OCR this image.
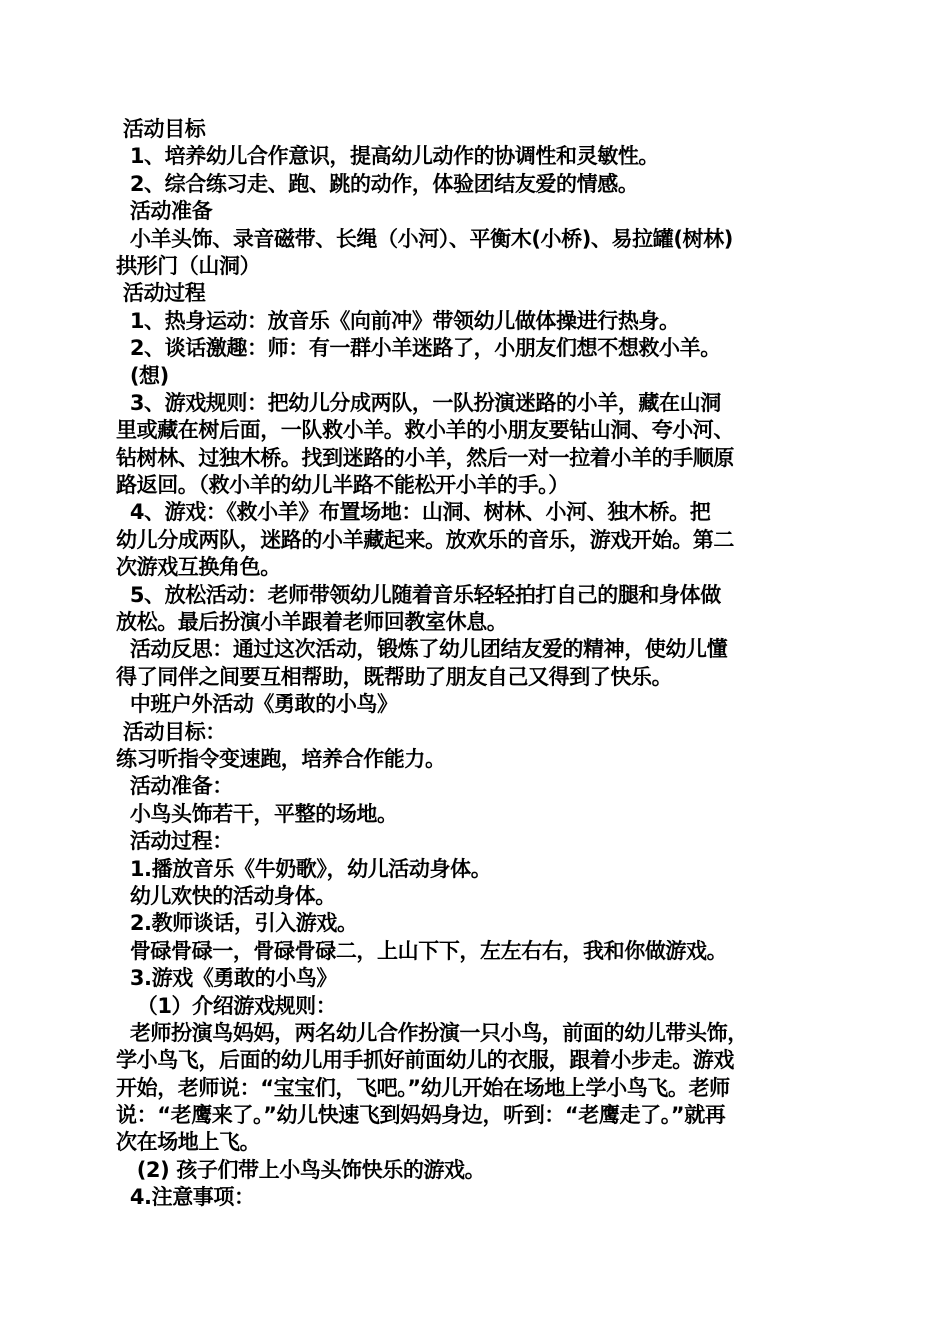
活动目标
1、培养幼儿合作意识，提高幼儿动作的协调性和灵敏性。
2、综合练习走、跑、跳的动作，体验团结友爱的情感。
活动准备
小羊头饰、录音磁带、长绳（小河）、平衡木(小桥)、易拉罐(树林)
拱形门（山洞）
活动过程
1、热身运动：放音乐《向前冲》带领幼儿做体操进行热身。
2、谈话激趣：师：有一群小羊迷路了，小朋友们想不想救小羊。
(想)
3、游戏规则：把幼儿分成两队，一队扮演迷路的小羊，藏在山洞
里或藏在树后面，一队救小羊。救小羊的小朋友要钻山洞、夸小河、
钻树林、过独木桥。找到迷路的小羊，然后一对一拉着小羊的手顺原
路返回。（救小羊的幼儿半路不能松开小羊的手。）
4、游戏：《救小羊》布置场地：山洞、树林、小河、独木桥。把
幼儿分成两队，迷路的小羊藏起来。放欢乐的音乐，游戏开始。第二
次游戏互换角色。
5、放松活动：老师带领幼儿随着音乐轻轻拍打自己的腿和身体做
放松。最后扮演小羊跟着老师回教室休息。
活动反思：通过这次活动，锻炼了幼儿团结友爱的精神，使幼儿懂
得了同伴之间要互相帮助，既帮助了朋友自己又得到了快乐。
中班户外活动《勇敢的小鸟》
活动目标：
练习听指令变速跑，培养合作能力。
活动准备：
小鸟头饰若干，平整的场地。
活动过程：
1.播放音乐《牛奶歌》，幼儿活动身体。
幼儿欢快的活动身体。
2.教师谈话，引入游戏。
骨碌骨碌一，骨碌骨碌二，上山下下，左左右右，我和你做游戏。
3.游戏《勇敢的小鸟》
（1）介绍游戏规则：
老师扮演鸟妈妈，两名幼儿合作扮演一只小鸟，前面的幼儿带头饰，
学小鸟飞，后面的幼儿用手抓好前面幼儿的衣服，跟着小步走。游戏
开始，老师说：“宝宝们，飞吧。”幼儿开始在场地上学小鸟飞。老师
说：“老鹰来了。”幼儿快速飞到妈妈身边，听到：“老鹰走了。”就再
次在场地上飞。
(2) 孩子们带上小鸟头饰快乐的游戏。
4.注意事项：
